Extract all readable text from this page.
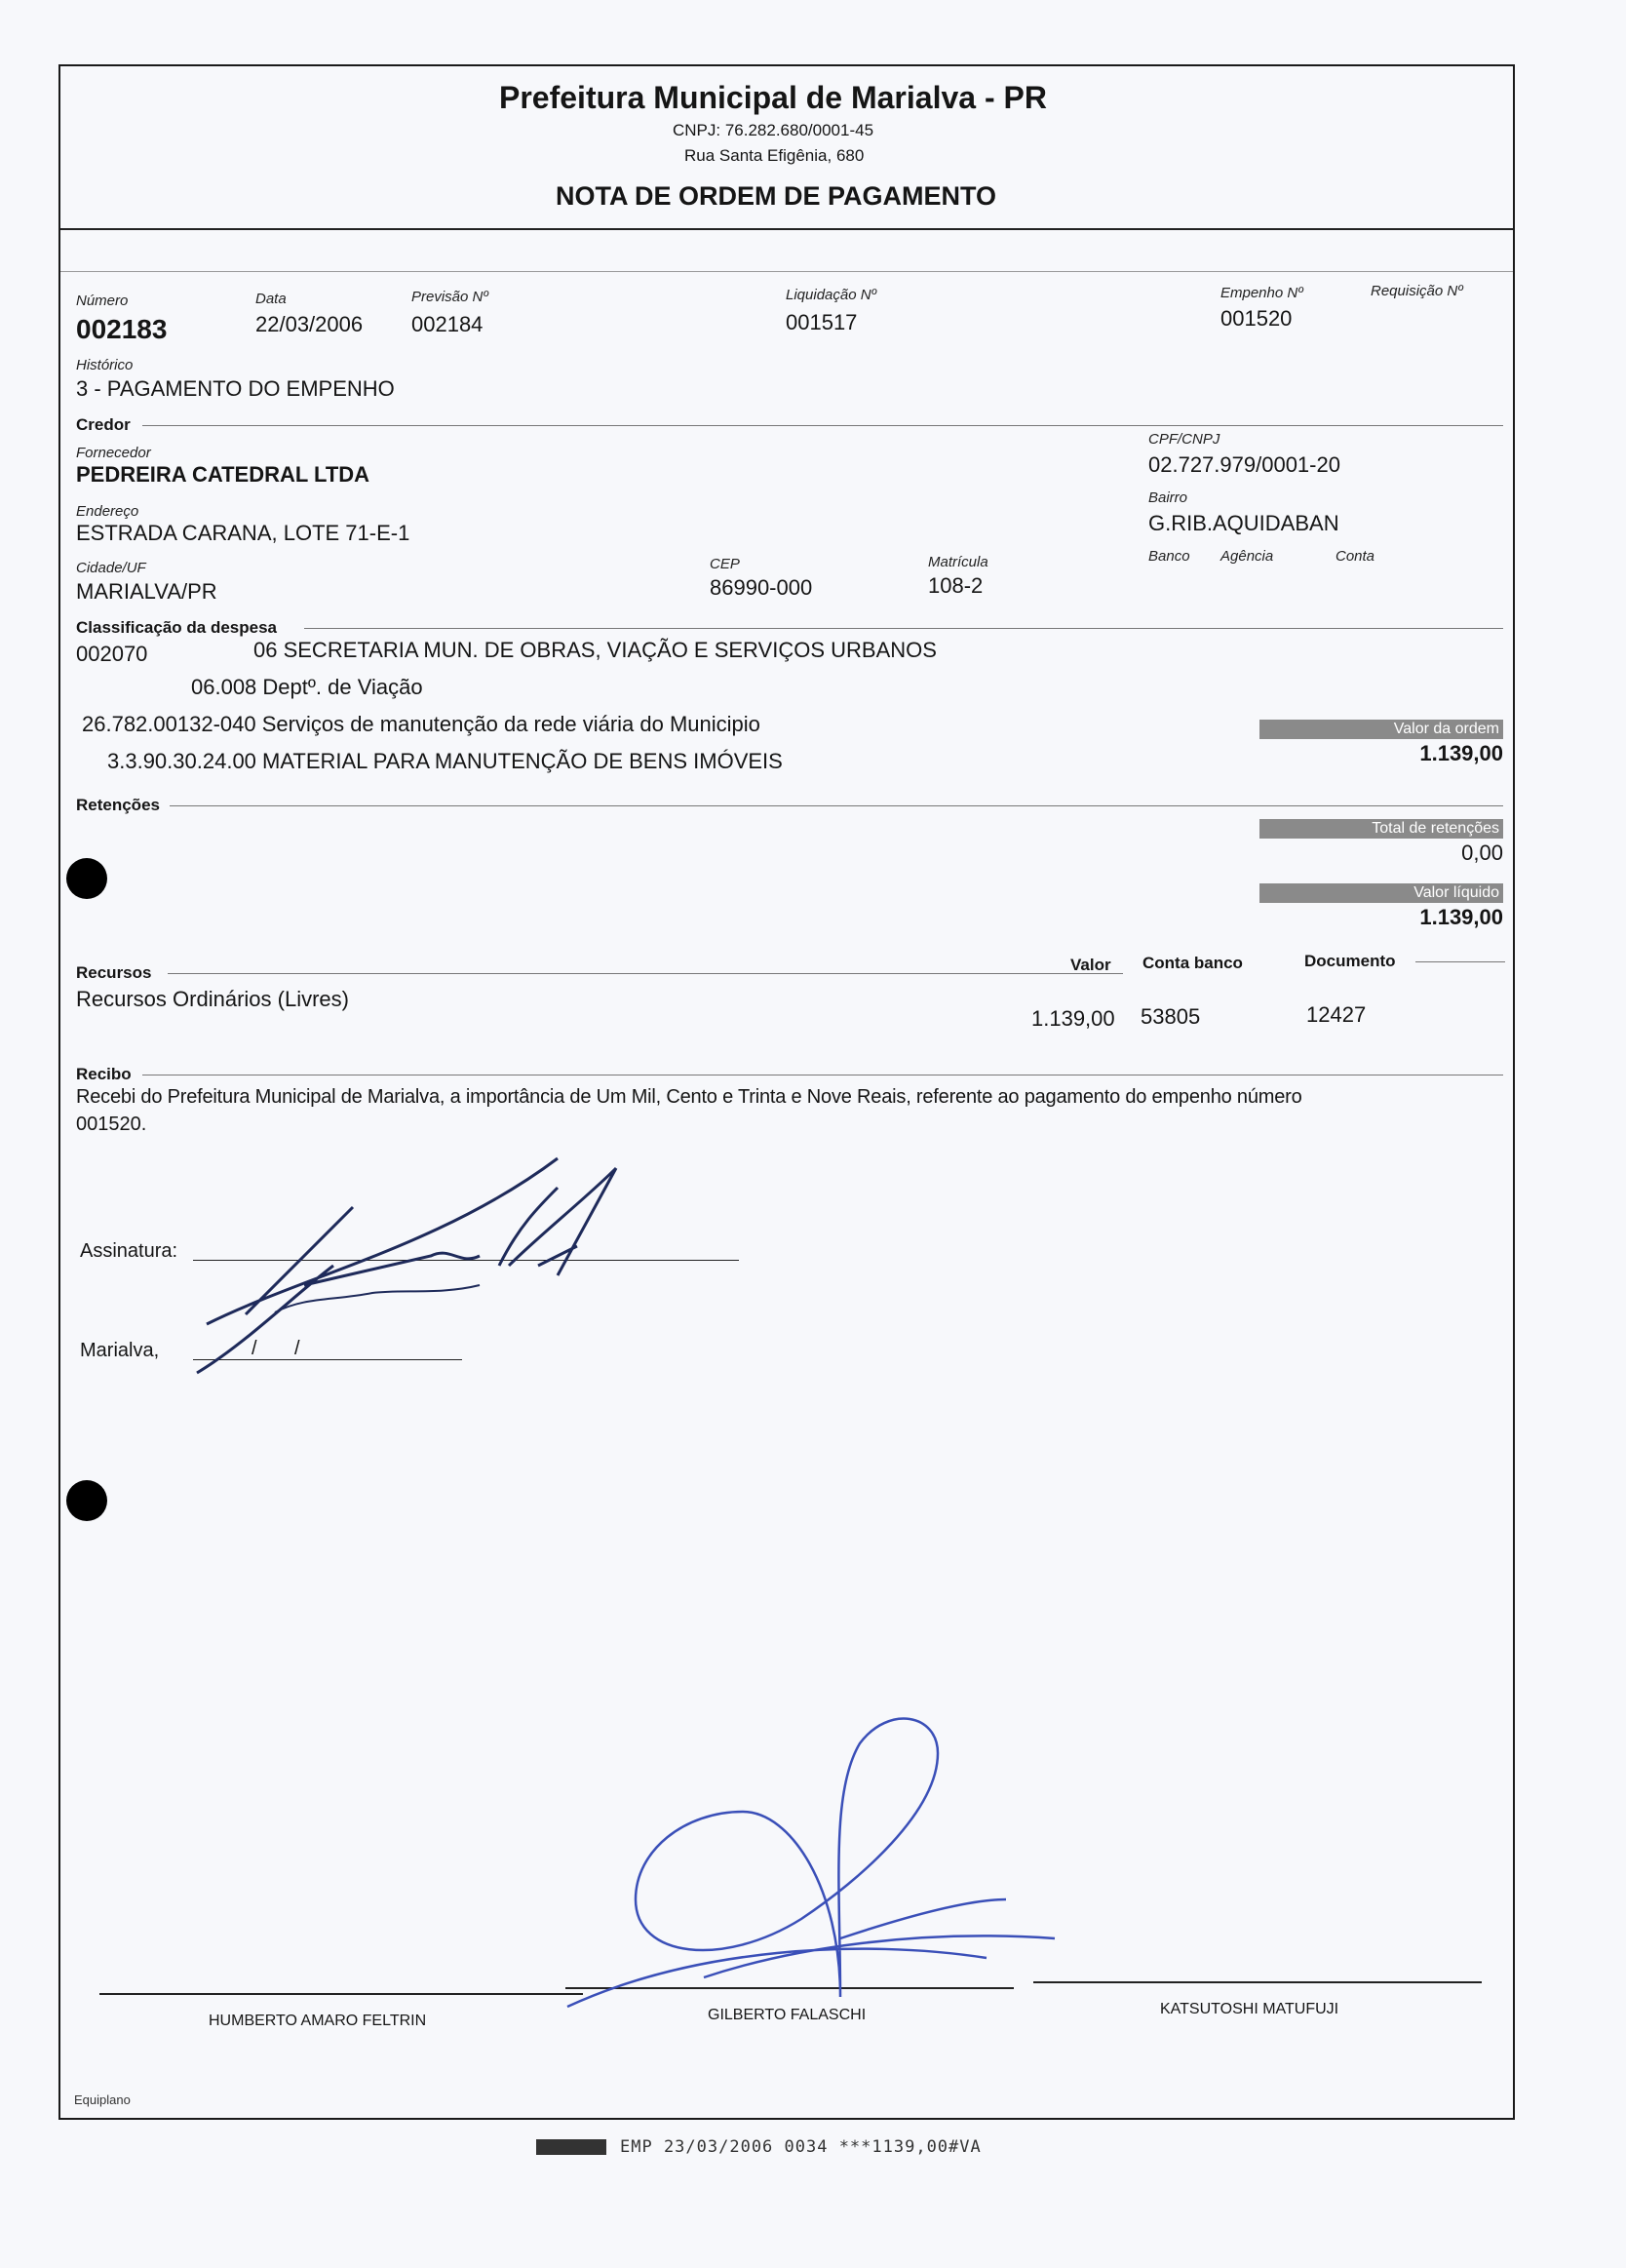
Prefeitura Municipal de Marialva - PR
CNPJ: 76.282.680/0001-45
Rua Santa Efigênia, 680
NOTA DE ORDEM DE PAGAMENTO
Número
002183
Data
22/03/2006
Previsão Nº
002184
Liquidação Nº
001517
Empenho Nº
001520
Requisição Nº
Histórico
3 - PAGAMENTO DO EMPENHO
Credor
Fornecedor
PEDREIRA CATEDRAL LTDA
CPF/CNPJ
02.727.979/0001-20
Endereço
ESTRADA CARANA, LOTE 71-E-1
Bairro
G.RIB.AQUIDABAN
Cidade/UF
MARIALVA/PR
CEP
86990-000
Matrícula
108-2
Banco Agência	Conta
Classificação da despesa
002070	06 SECRETARIA MUN. DE OBRAS, VIAÇÃO E SERVIÇOS URBANOS
06.008 Deptº. de Viação
26.782.00132-040 Serviços de manutenção da rede viária do Municipio
3.3.90.30.24.00 MATERIAL PARA MANUTENÇÃO DE BENS IMÓVEIS
Valor da ordem
1.139,00
Retenções
Total de retenções
0,00
Valor líquido
1.139,00
Recursos	Valor Conta banco	Documento
Recursos Ordinários (Livres)
1.139,00 53805	12427
Recibo
Recebi do Prefeitura Municipal de Marialva, a importância de Um Mil, Cento e Trinta e Nove Reais, referente ao pagamento do empenho número
001520.
Assinatura:
Marialva,	/ /
HUMBERTO AMARO FELTRIN	GILBERTO FALASCHI	KATSUTOSHI MATUFUJI
Equiplano
EMP 23/03/2006 0034 ***1139,00#VA
